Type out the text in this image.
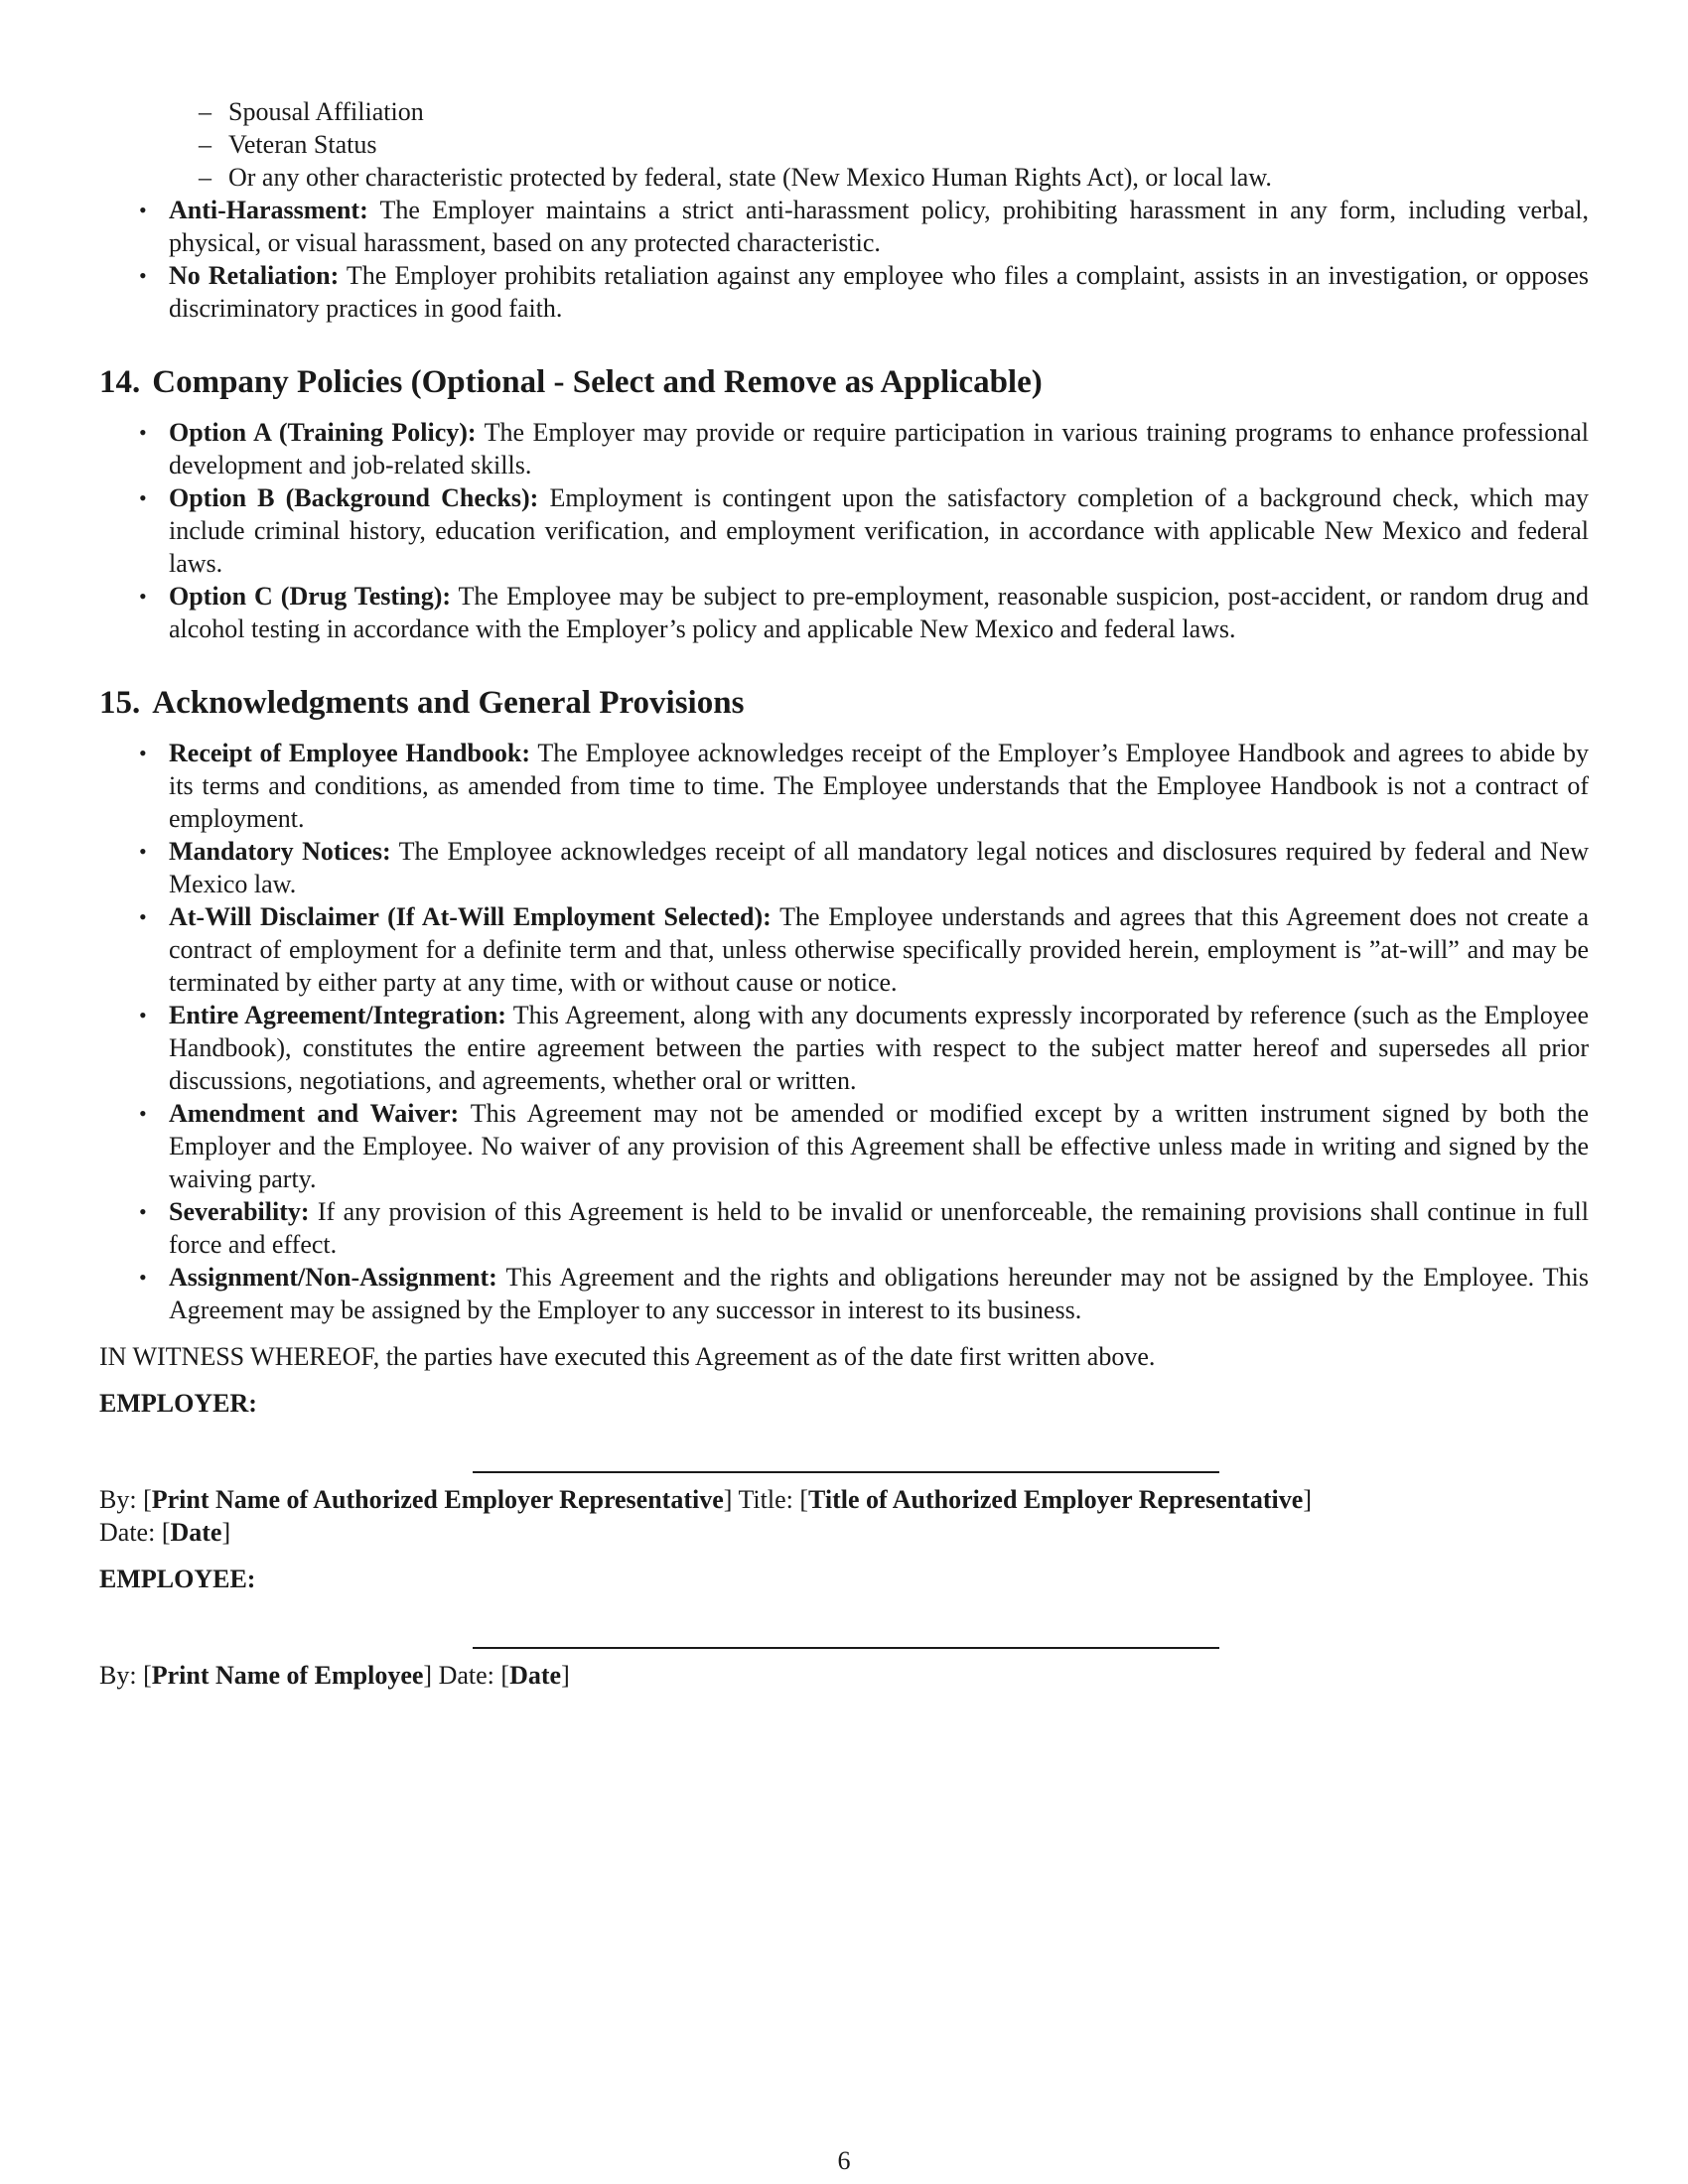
– Spousal Affiliation
– Veteran Status
– Or any other characteristic protected by federal, state (New Mexico Human Rights Act), or local law.
• Anti-Harassment: The Employer maintains a strict anti-harassment policy, prohibiting harassment in any form, including verbal, physical, or visual harassment, based on any protected characteristic.
• No Retaliation: The Employer prohibits retaliation against any employee who files a complaint, assists in an investigation, or opposes discriminatory practices in good faith.
14. Company Policies (Optional - Select and Remove as Applicable)
• Option A (Training Policy): The Employer may provide or require participation in various training programs to enhance professional development and job-related skills.
• Option B (Background Checks): Employment is contingent upon the satisfactory completion of a background check, which may include criminal history, education verification, and employment verification, in accordance with applicable New Mexico and federal laws.
• Option C (Drug Testing): The Employee may be subject to pre-employment, reasonable suspicion, post-accident, or random drug and alcohol testing in accordance with the Employer’s policy and applicable New Mexico and federal laws.
15. Acknowledgments and General Provisions
• Receipt of Employee Handbook: The Employee acknowledges receipt of the Employer’s Employee Handbook and agrees to abide by its terms and conditions, as amended from time to time. The Employee understands that the Employee Handbook is not a contract of employment.
• Mandatory Notices: The Employee acknowledges receipt of all mandatory legal notices and disclosures required by federal and New Mexico law.
• At-Will Disclaimer (If At-Will Employment Selected): The Employee understands and agrees that this Agreement does not create a contract of employment for a definite term and that, unless otherwise specifically provided herein, employment is ”at-will” and may be terminated by either party at any time, with or without cause or notice.
• Entire Agreement/Integration: This Agreement, along with any documents expressly incorporated by reference (such as the Employee Handbook), constitutes the entire agreement between the parties with respect to the subject matter hereof and supersedes all prior discussions, negotiations, and agreements, whether oral or written.
• Amendment and Waiver: This Agreement may not be amended or modified except by a written instrument signed by both the Employer and the Employee. No waiver of any provision of this Agreement shall be effective unless made in writing and signed by the waiving party.
• Severability: If any provision of this Agreement is held to be invalid or unenforceable, the remaining provisions shall continue in full force and effect.
• Assignment/Non-Assignment: This Agreement and the rights and obligations hereunder may not be assigned by the Employee. This Agreement may be assigned by the Employer to any successor in interest to its business.
IN WITNESS WHEREOF, the parties have executed this Agreement as of the date first written above.
EMPLOYER:
By: [Print Name of Authorized Employer Representative] Title: [Title of Authorized Employer Representative]
Date: [Date]
EMPLOYEE:
By: [Print Name of Employee] Date: [Date]
6
